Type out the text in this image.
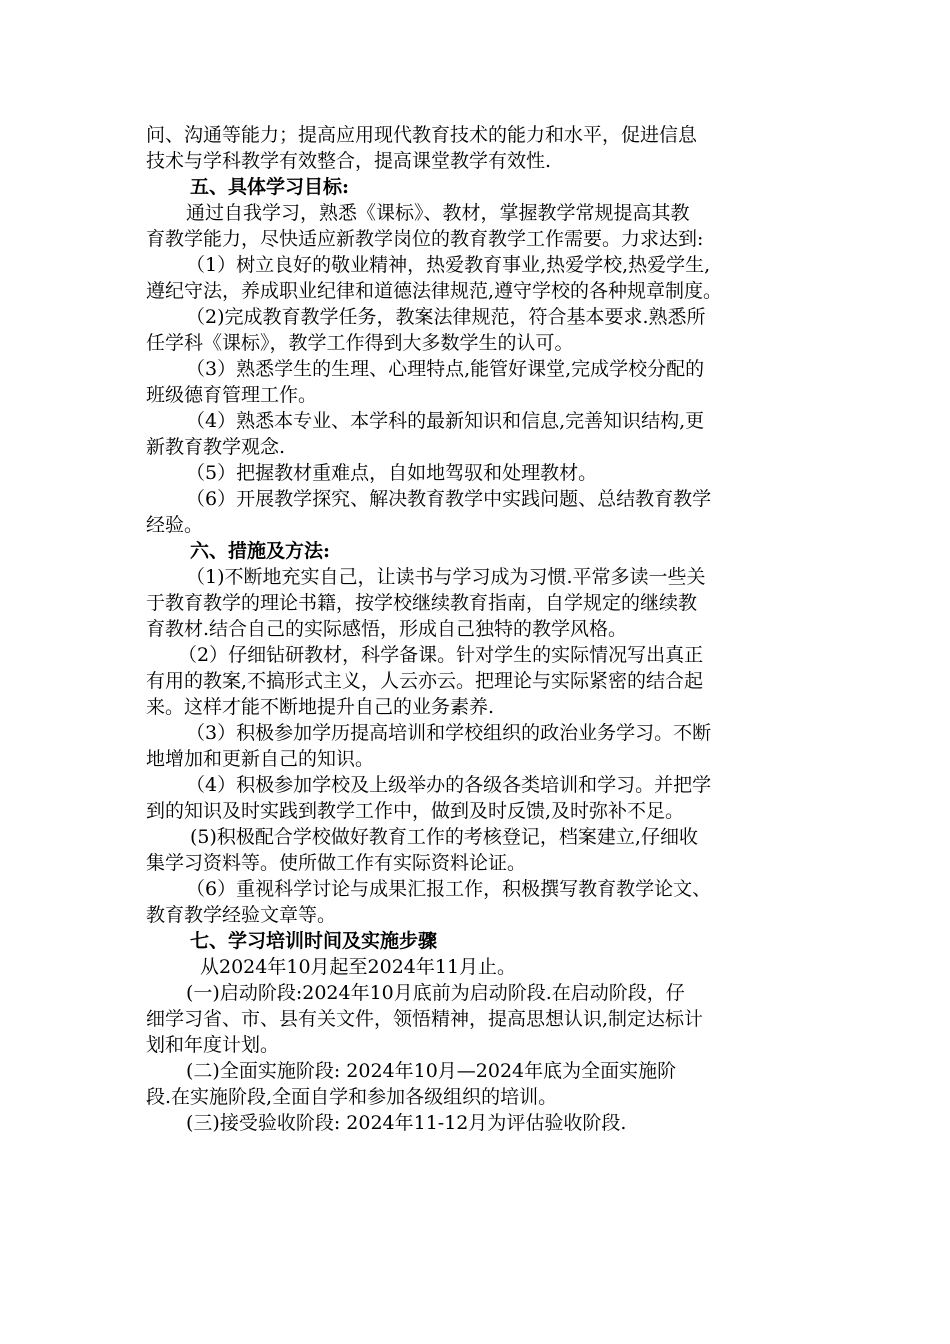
问、沟通等能力；提高应用现代教育技术的能力和水平，促进信息
技术与学科教学有效整合，提高课堂教学有效性.
五、具体学习目标:
通过自我学习，熟悉《课标》、教材，掌握教学常规提高其教
育教学能力，尽快适应新教学岗位的教育教学工作需要。力求达到:
（1）树立良好的敬业精神，热爱教育事业,热爱学校,热爱学生,
遵纪守法，养成职业纪律和道德法律规范,遵守学校的各种规章制度。
（2)完成教育教学任务，教案法律规范，符合基本要求.熟悉所
任学科《课标》，教学工作得到大多数学生的认可。
（3）熟悉学生的生理、心理特点,能管好课堂,完成学校分配的
班级德育管理工作。
（4）熟悉本专业、本学科的最新知识和信息,完善知识结构,更
新教育教学观念.
（5）把握教材重难点，自如地驾驭和处理教材。
（6）开展教学探究、解决教育教学中实践问题、总结教育教学
经验。
六、措施及方法:
（1)不断地充实自己，让读书与学习成为习惯.平常多读一些关
于教育教学的理论书籍，按学校继续教育指南，自学规定的继续教
育教材.结合自己的实际感悟，形成自己独特的教学风格。
（2）仔细钻研教材，科学备课。针对学生的实际情况写出真正
有用的教案,不搞形式主义，人云亦云。把理论与实际紧密的结合起
来。这样才能不断地提升自己的业务素养.
（3）积极参加学历提高培训和学校组织的政治业务学习。不断
地增加和更新自己的知识。
（4）积极参加学校及上级举办的各级各类培训和学习。并把学
到的知识及时实践到教学工作中，做到及时反馈,及时弥补不足。
(5)积极配合学校做好教育工作的考核登记，档案建立,仔细收
集学习资料等。使所做工作有实际资料论证。
（6）重视科学讨论与成果汇报工作，积极撰写教育教学论文、
教育教学经验文章等。
七、学习培训时间及实施步骤
从2024年10月起至2024年11月止。
(一)启动阶段:2024年10月底前为启动阶段.在启动阶段，仔
细学习省、市、县有关文件，领悟精神，提高思想认识,制定达标计
划和年度计划。
(二)全面实施阶段: 2024年10月—2024年底为全面实施阶
段.在实施阶段,全面自学和参加各级组织的培训。
(三)接受验收阶段: 2024年11-12月为评估验收阶段.
